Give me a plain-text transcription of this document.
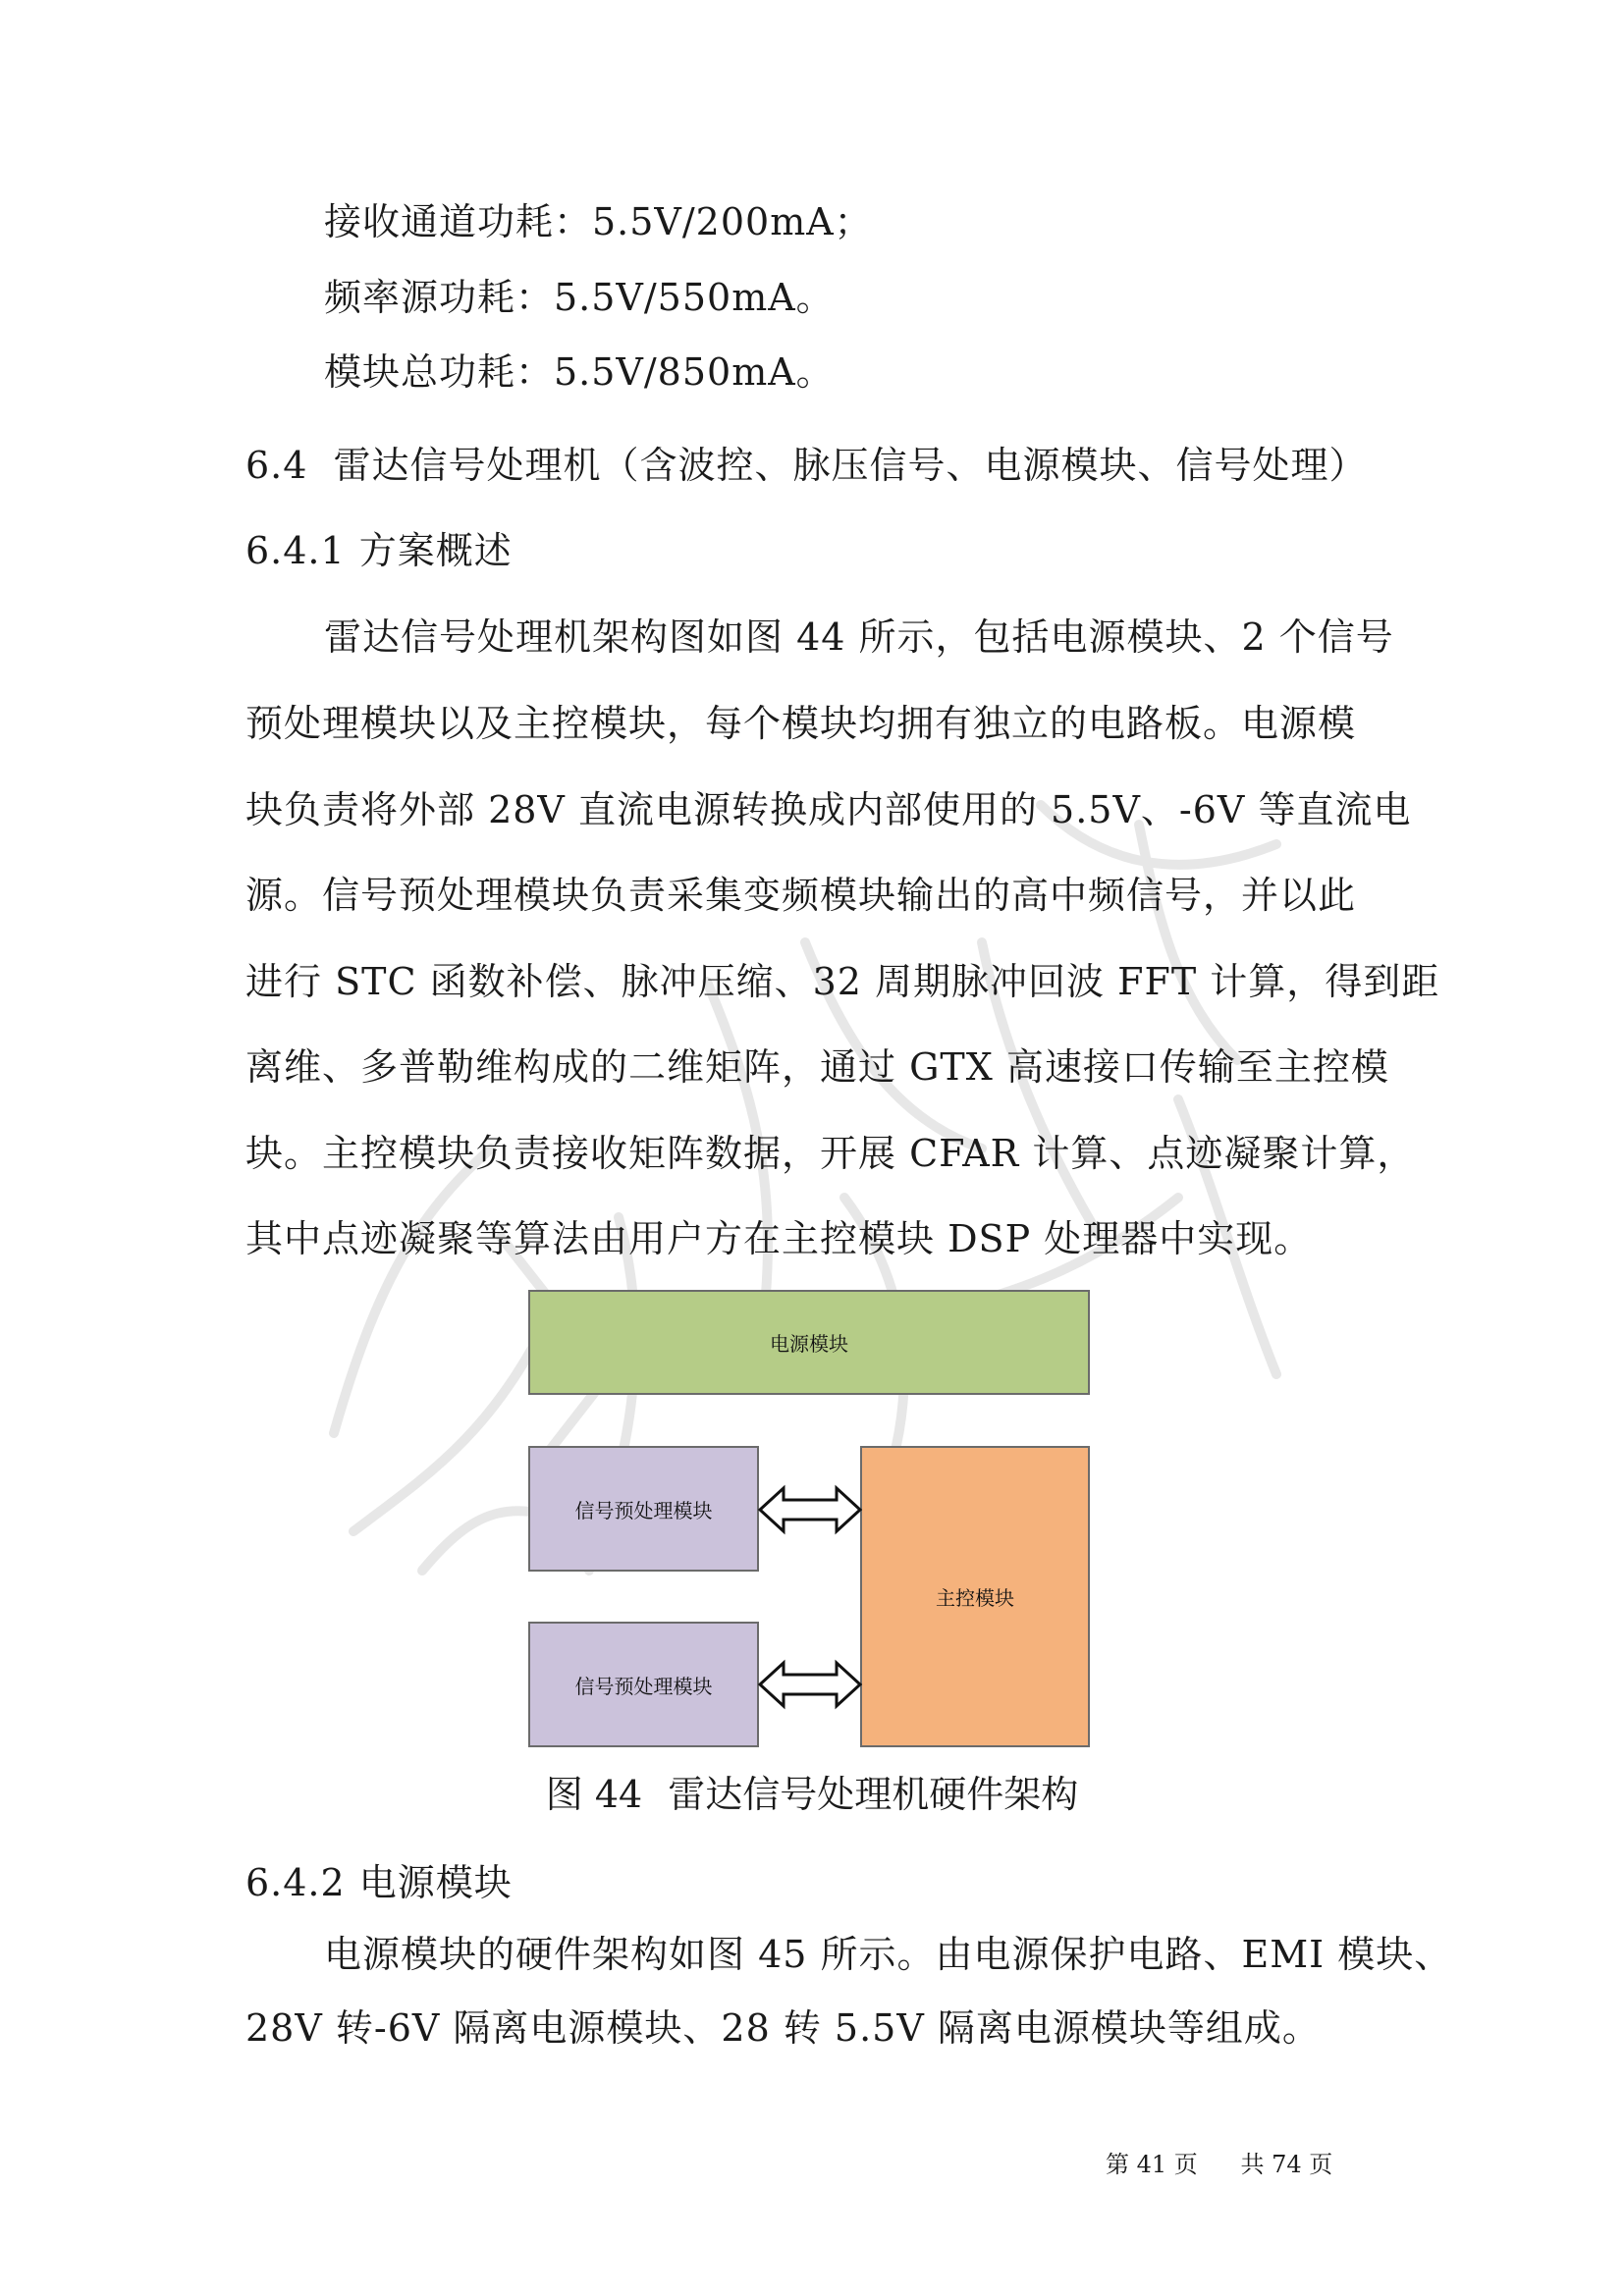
接收通道功耗：5.5V/200mA；
频率源功耗：5.5V/550mA。
模块总功耗：5.5V/850mA。
6.4 雷达信号处理机（含波控、脉压信号、电源模块、信号处理）
6.4.1 方案概述
雷达信号处理机架构图如图 44 所示，包括电源模块、2 个信号
预处理模块以及主控模块，每个模块均拥有独立的电路板。电源模
块负责将外部 28V 直流电源转换成内部使用的 5.5V、-6V 等直流电
源。信号预处理模块负责采集变频模块输出的高中频信号，并以此
进行 STC 函数补偿、脉冲压缩、32 周期脉冲回波 FFT 计算，得到距
离维、多普勒维构成的二维矩阵，通过 GTX 高速接口传输至主控模
块。主控模块负责接收矩阵数据，开展 CFAR 计算、点迹凝聚计算，
其中点迹凝聚等算法由用户方在主控模块 DSP 处理器中实现。
电源模块
信号预处理模块
信号预处理模块
主控模块
图 44 雷达信号处理机硬件架构
6.4.2 电源模块
电源模块的硬件架构如图 45 所示。由电源保护电路、EMI 模块、
28V 转-6V 隔离电源模块、28 转 5.5V 隔离电源模块等组成。
第 41 页 共 74 页
